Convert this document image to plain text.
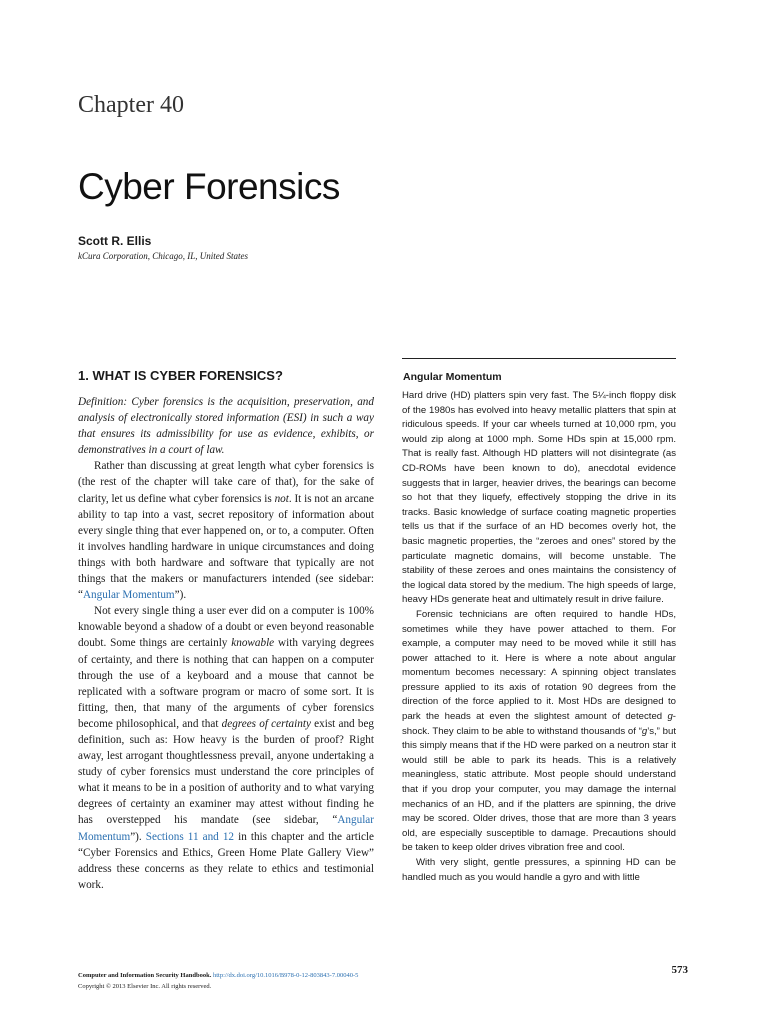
Chapter 40
Cyber Forensics
Scott R. Ellis
kCura Corporation, Chicago, IL, United States
1. WHAT IS CYBER FORENSICS?

Definition: Cyber forensics is the acquisition, preservation, and analysis of electronically stored information (ESI) in such a way that ensures its admissibility for use as evidence, exhibits, or demonstratives in a court of law.

Rather than discussing at great length what cyber forensics is (the rest of the chapter will take care of that), for the sake of clarity, let us define what cyber forensics is not. It is not an arcane ability to tap into a vast, secret repository of information about every single thing that ever happened on, or to, a computer. Often it involves handling hardware in unique circumstances and doing things with both hardware and software that typically are not things that the makers or manufacturers intended (see sidebar: “Angular Momentum”).

Not every single thing a user ever did on a computer is 100% knowable beyond a shadow of a doubt or even beyond reasonable doubt. Some things are certainly knowable with varying degrees of certainty, and there is nothing that can happen on a computer through the use of a keyboard and a mouse that cannot be replicated with a software program or macro of some sort. It is fitting, then, that many of the arguments of cyber forensics become philosophical, and that degrees of certainty exist and beg definition, such as: How heavy is the burden of proof? Right away, lest arrogant thoughtlessness prevail, anyone undertaking a study of cyber forensics must understand the core principles of what it means to be in a position of authority and to what varying degrees of certainty an examiner may attest without finding he has overstepped his mandate (see sidebar, “Angular Momentum”). Sections 11 and 12 in this chapter and the article “Cyber Forensics and Ethics, Green Home Plate Gallery View” address these concerns as they relate to ethics and testimonial work.

Angular Momentum

Hard drive (HD) platters spin very fast. The 5¼-inch floppy disk of the 1980s has evolved into heavy metallic platters that spin at ridiculous speeds. If your car wheels turned at 10,000 rpm, you would zip along at 1000 mph. Some HDs spin at 15,000 rpm. That is really fast. Although HD platters will not disintegrate (as CD-ROMs have been known to do), anecdotal evidence suggests that in larger, heavier drives, the bearings can become so hot that they liquefy, effectively stopping the drive in its tracks. Basic knowledge of surface coating magnetic properties tells us that if the surface of an HD becomes overly hot, the basic magnetic properties, the “zeroes and ones” stored by the particulate magnetic domains, will become unstable. The stability of these zeroes and ones maintains the consistency of the logical data stored by the medium. The high speeds of large, heavy HDs generate heat and ultimately result in drive failure.

Forensic technicians are often required to handle HDs, sometimes while they have power attached to them. For example, a computer may need to be moved while it still has power attached to it. Here is where a note about angular momentum becomes necessary: A spinning object translates pressure applied to its axis of rotation 90 degrees from the direction of the force applied to it. Most HDs are designed to park the heads at even the slightest amount of detected g-shock. They claim to be able to withstand thousands of “g’s,” but this simply means that if the HD were parked on a neutron star it would still be able to park its heads. This is a relatively meaningless, static attribute. Most people should understand that if you drop your computer, you may damage the internal mechanics of an HD, and if the platters are spinning, the drive may be scored. Older drives, those that are more than 3 years old, are especially susceptible to damage. Precautions should be taken to keep older drives vibration free and cool.

With very slight, gentle pressures, a spinning HD can be handled much as you would handle a gyro and with little

Computer and Information Security Handbook. http://dx.doi.org/10.1016/B978-0-12-803843-7.00040-5
Copyright © 2013 Elsevier Inc. All rights reserved.
573
